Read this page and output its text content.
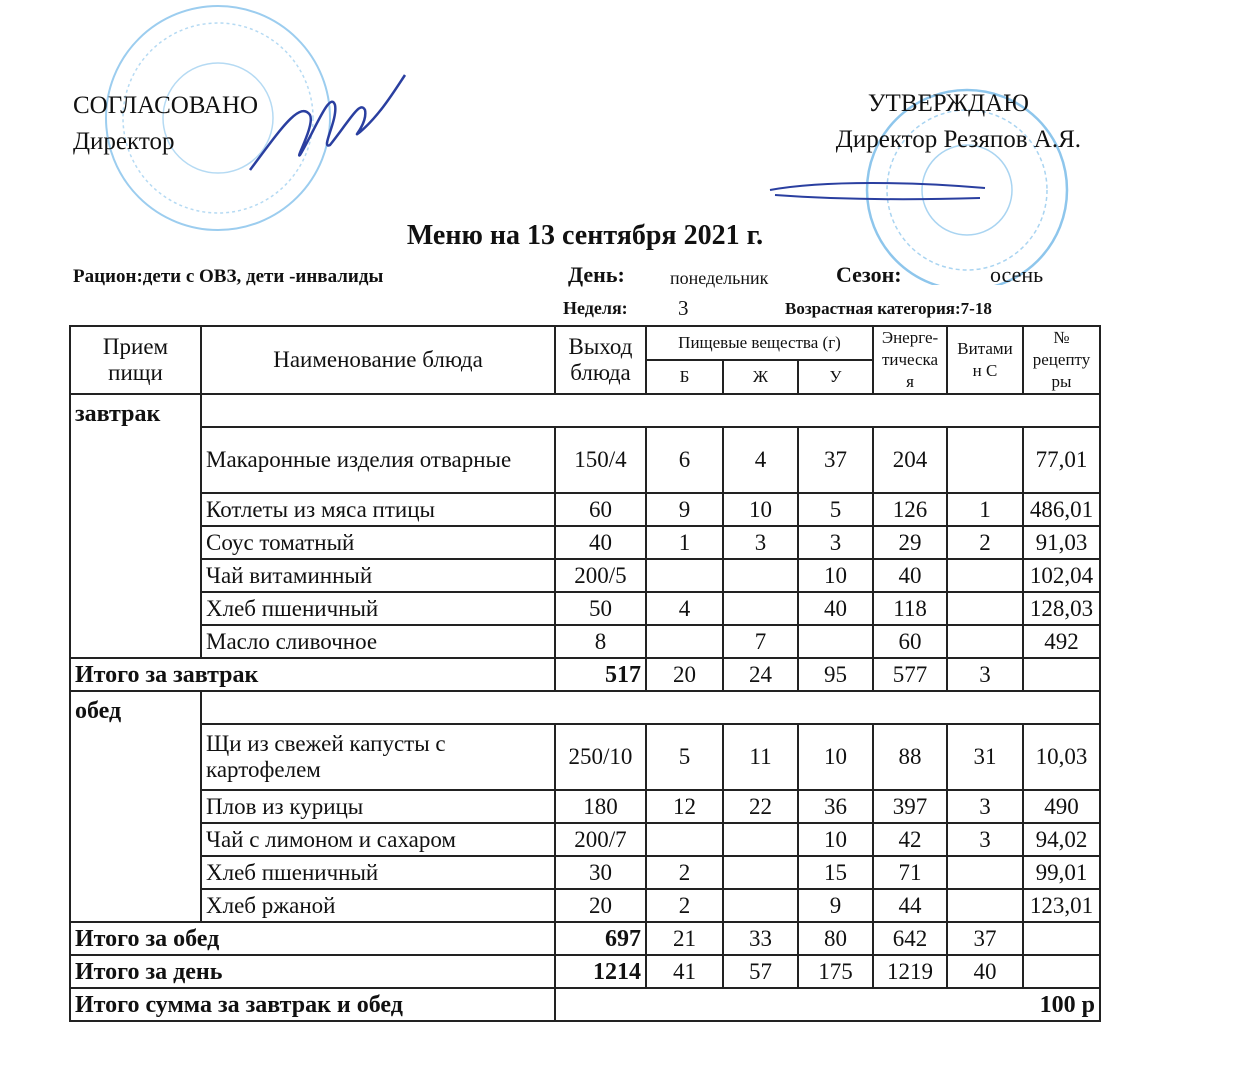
СОГЛАСОВАНО
Директор
УТВЕРЖДАЮ
Директор Резяпов А.Я.
Меню на 13 сентября 2021 г.
Рацион:дети с ОВЗ, дети -инвалиды	День:	понедельник	Сезон:	осень
Неделя: 3	Возрастная категория:7-18
Прием пищи	Наименование блюда	Выход блюда	Пищевые вещества (г)			Энерге-тическа я	Витами н С	№ рецепту ры
			Б	Ж	У			
завтрак								
	Макаронные изделия отварные	150/4	6	4	37	204		77,01
	Котлеты из мяса птицы	60	9	10	5	126	1	486,01
	Соус томатный	40	1	3	3	29	2	91,03
	Чай витаминный	200/5			10	40		102,04
	Хлеб пшеничный	50	4		40	118		128,03
	Масло сливочное	8		7		60		492
Итого за завтрак		517	20	24	95	577	3	
обед								
	Щи из свежей капусты с картофелем	250/10	5	11	10	88	31	10,03
	Плов из курицы	180	12	22	36	397	3	490
	Чай с лимоном и сахаром	200/7			10	42	3	94,02
	Хлеб пшеничный	30	2		15	71		99,01
	Хлеб ржаной	20	2		9	44		123,01
Итого за обед		697	21	33	80	642	37	
Итого за день		1214	41	57	175	1219	40	
Итого сумма за завтрак и обед		100 р						
